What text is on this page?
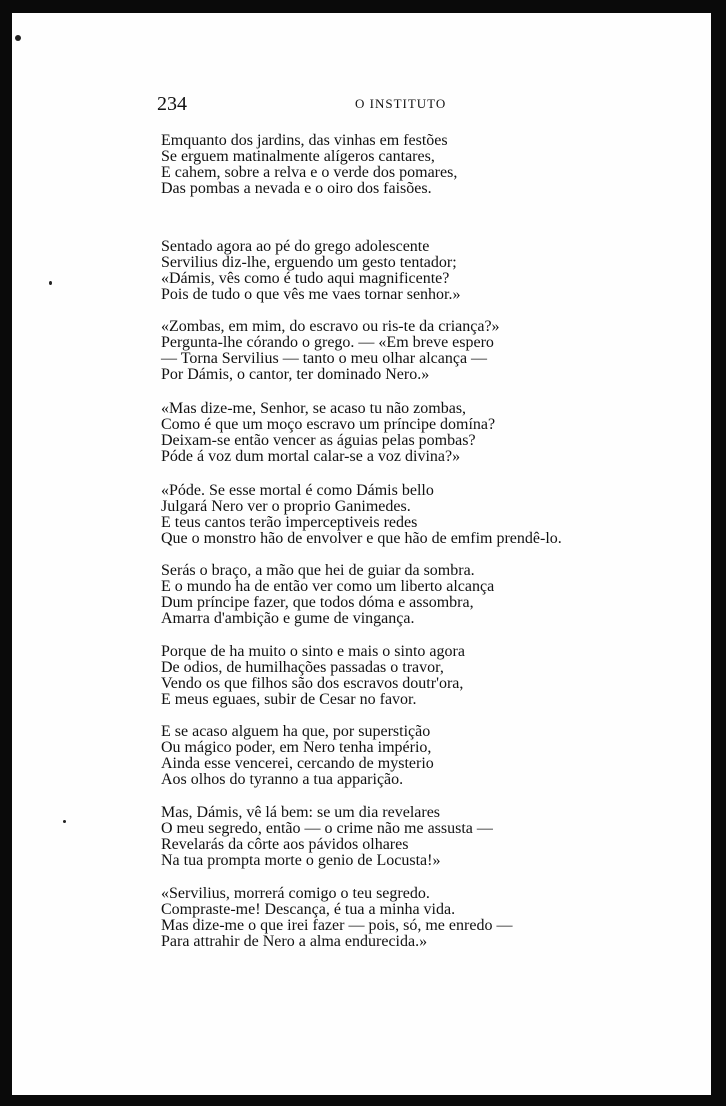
234	O INSTITUTO
Emquanto dos jardins, das vinhas em festões
Se erguem matinalmente alígeros cantares,
E cahem, sobre a relva e o verde dos pomares,
Das pombas a nevada e o oiro dos faisões.
Sentado agora ao pé do grego adolescente
Servilius diz-lhe, erguendo um gesto tentador;
«Dámis, vês como é tudo aqui magnificente?
Pois de tudo o que vês me vaes tornar senhor.»
«Zombas, em mim, do escravo ou ris-te da criança?»
Pergunta-lhe córando o grego. — «Em breve espero
— Torna Servilius — tanto o meu olhar alcança —
Por Dámis, o cantor, ter dominado Nero.»
«Mas dize-me, Senhor, se acaso tu não zombas,
Como é que um moço escravo um príncipe domína?
Deixam-se então vencer as águias pelas pombas?
Póde á voz dum mortal calar-se a voz divina?»
«Póde. Se esse mortal é como Dámis bello
Julgará Nero ver o proprio Ganimedes.
E teus cantos terão imperceptiveis redes
Que o monstro hão de envolver e que hão de emfim prendê-lo.
Serás o braço, a mão que hei de guiar da sombra.
E o mundo ha de então ver como um liberto alcança
Dum príncipe fazer, que todos dóma e assombra,
Amarra d'ambição e gume de vingança.
Porque de ha muito o sinto e mais o sinto agora
De odios, de humilhações passadas o travor,
Vendo os que filhos são dos escravos doutr'ora,
E meus eguaes, subir de Cesar no favor.
E se acaso alguem ha que, por superstição
Ou mágico poder, em Nero tenha império,
Ainda esse vencerei, cercando de mysterio
Aos olhos do tyranno a tua apparição.
Mas, Dámis, vê lá bem: se um dia revelares
O meu segredo, então — o crime não me assusta —
Revelarás da côrte aos pávidos olhares
Na tua prompta morte o genio de Locusta!»
«Servilius, morrerá comigo o teu segredo.
Compraste-me! Descança, é tua a minha vida.
Mas dize-me o que irei fazer — pois, só, me enredo —
Para attrahir de Nero a alma endurecida.»
